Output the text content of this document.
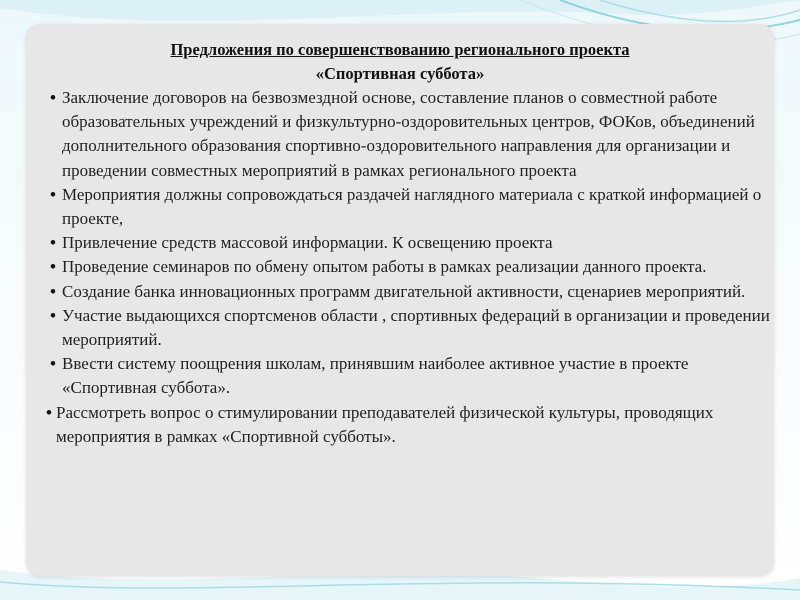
Предложения по совершенствованию регионального проекта
«Спортивная суббота»
• Заключение договоров на безвозмездной основе, составление планов о совместной работе образовательных учреждений и физкультурно-оздоровительных центров, ФОКов, объединений дополнительного образования спортивно-оздоровительного направления для организации и проведении совместных мероприятий в рамках регионального проекта
• Мероприятия должны сопровождаться раздачей наглядного материала с краткой информацией о проекте,
• Привлечение средств массовой информации. К освещению проекта
• Проведение семинаров по обмену опытом работы в рамках реализации данного проекта.
• Создание банка инновационных программ двигательной активности, сценариев мероприятий.
• Участие выдающихся спортсменов области , спортивных федераций в организации и проведении мероприятий.
• Ввести систему поощрения школам, принявшим наиболее активное участие в проекте «Спортивная суббота».
• Рассмотреть вопрос о стимулировании преподавателей физической культуры, проводящих мероприятия в рамках «Спортивной субботы».
